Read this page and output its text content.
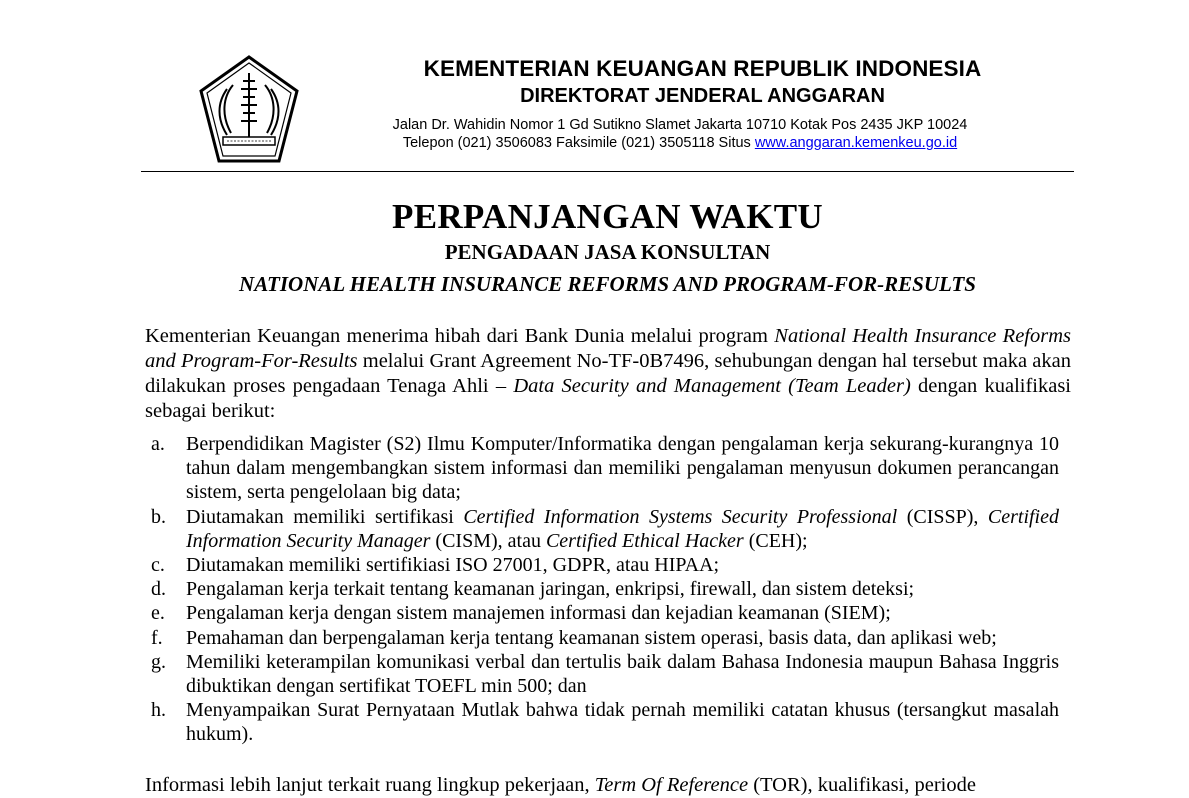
KEMENTERIAN KEUANGAN REPUBLIK INDONESIA
DIREKTORAT JENDERAL ANGGARAN
Jalan Dr. Wahidin Nomor 1 Gd Sutikno Slamet Jakarta 10710 Kotak Pos 2435 JKP 10024
Telepon (021) 3506083 Faksimile (021) 3505118 Situs www.anggaran.kemenkeu.go.id
PERPANJANGAN WAKTU
PENGADAAN JASA KONSULTAN
NATIONAL HEALTH INSURANCE REFORMS AND PROGRAM-FOR-RESULTS
Kementerian Keuangan menerima hibah dari Bank Dunia melalui program National Health Insurance Reforms and Program-For-Results melalui Grant Agreement No-TF-0B7496, sehubungan dengan hal tersebut maka akan dilakukan proses pengadaan Tenaga Ahli – Data Security and Management (Team Leader) dengan kualifikasi sebagai berikut:
a. Berpendidikan Magister (S2) Ilmu Komputer/Informatika dengan pengalaman kerja sekurang-kurangnya 10 tahun dalam mengembangkan sistem informasi dan memiliki pengalaman menyusun dokumen perancangan sistem, serta pengelolaan big data;
b. Diutamakan memiliki sertifikasi Certified Information Systems Security Professional (CISSP), Certified Information Security Manager (CISM), atau Certified Ethical Hacker (CEH);
c. Diutamakan memiliki sertifikiasi ISO 27001, GDPR, atau HIPAA;
d. Pengalaman kerja terkait tentang keamanan jaringan, enkripsi, firewall, dan sistem deteksi;
e. Pengalaman kerja dengan sistem manajemen informasi dan kejadian keamanan (SIEM);
f. Pemahaman dan berpengalaman kerja tentang keamanan sistem operasi, basis data, dan aplikasi web;
g. Memiliki keterampilan komunikasi verbal dan tertulis baik dalam Bahasa Indonesia maupun Bahasa Inggris dibuktikan dengan sertifikat TOEFL min 500; dan
h. Menyampaikan Surat Pernyataan Mutlak bahwa tidak pernah memiliki catatan khusus (tersangkut masalah hukum).
Informasi lebih lanjut terkait ruang lingkup pekerjaan, Term Of Reference (TOR), kualifikasi, periode
